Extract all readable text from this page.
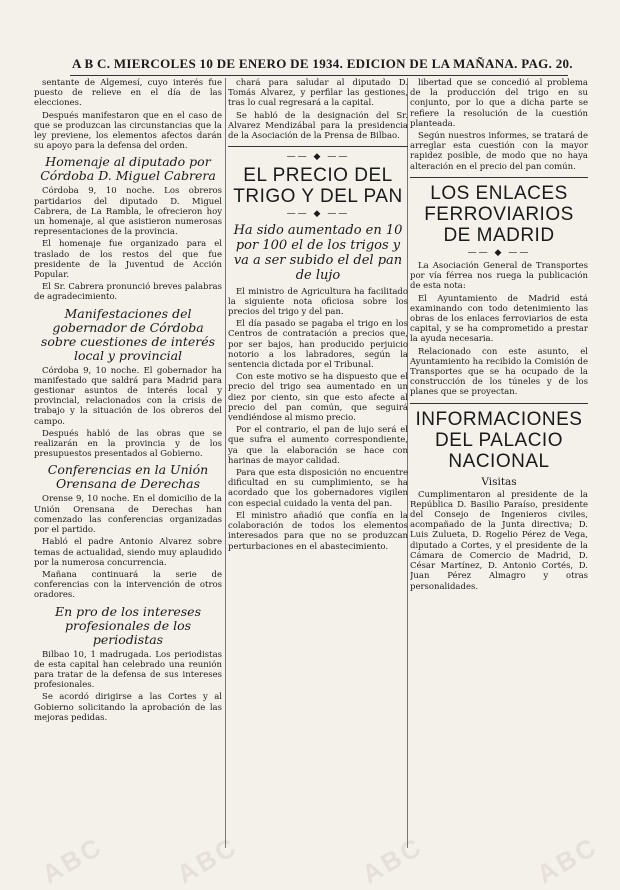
ABC ABC	ABC	ABC
A B C. MIERCOLES 10 DE ENERO DE 1934. EDICION DE LA MAÑANA. PAG. 20.

sentante de Algemesí, cuyo interés fue puesto de relieve en el día de las elecciones.

Después manifestaron que en el caso de que se produzcan las circunstancias que la ley previene, los elementos afectos darán su apoyo para la defensa del orden.

Homenaje al diputado por Córdoba D. Miguel Cabrera

Córdoba 9, 10 noche. Los obreros partidarios del diputado D. Miguel Cabrera, de La Rambla, le ofrecieron hoy un homenaje, al que asistieron numerosas representaciones de la provincia.

El homenaje fue organizado para el traslado de los restos del que fue presidente de la Juventud de Acción Popular.

El Sr. Cabrera pronunció breves palabras de agradecimiento.

Manifestaciones del gobernador de Córdoba sobre cuestiones de interés local y provincial

Córdoba 9, 10 noche. El gobernador ha manifestado que saldrá para Madrid para gestionar asuntos de interés local y provincial, relacionados con la crisis de trabajo y la situación de los obreros del campo.

Después habló de las obras que se realizarán en la provincia y de los presupuestos presentados al Gobierno.

Conferencias en la Unión Orensana de Derechas

Orense 9, 10 noche. En el domicilio de la Unión Orensana de Derechas han comenzado las conferencias organizadas por el partido.

Habló el padre Antonio Alvarez sobre temas de actualidad, siendo muy aplaudido por la numerosa concurrencia.

Mañana continuará la serie de conferencias con la intervención de otros oradores.

En pro de los intereses profesionales de los periodistas

Bilbao 10, 1 madrugada. Los periodistas de esta capital han celebrado una reunión para tratar de la defensa de sus intereses profesionales.

Se acordó dirigirse a las Cortes y al Gobierno solicitando la aprobación de las mejoras pedidas.

chará para saludar al diputado D. Tomás Alvarez, y perfilar las gestiones, tras lo cual regresará a la capital.

Se habló de la designación del Sr. Alvarez Mendizábal para la presidencia de la Asociación de la Prensa de Bilbao.

—— ◆ ——
EL PRECIO DEL TRIGO Y DEL PAN
—— ◆ ——
Ha sido aumentado en 10 por 100 el de los trigos y va a ser subido el del pan de lujo

El ministro de Agricultura ha facilitado la siguiente nota oficiosa sobre los precios del trigo y del pan.

El día pasado se pagaba el trigo en los Centros de contratación a precios que, por ser bajos, han producido perjuicio notorio a los labradores, según la sentencia dictada por el Tribunal.

Con este motivo se ha dispuesto que el precio del trigo sea aumentado en un diez por ciento, sin que esto afecte al precio del pan común, que seguirá vendiéndose al mismo precio.

Por el contrario, el pan de lujo será el que sufra el aumento correspondiente, ya que la elaboración se hace con harinas de mayor calidad.

Para que esta disposición no encuentre dificultad en su cumplimiento, se ha acordado que los gobernadores vigilen con especial cuidado la venta del pan.

El ministro añadió que confía en la colaboración de todos los elementos interesados para que no se produzcan perturbaciones en el abastecimiento.

libertad que se concedió al problema de la producción del trigo en su conjunto, por lo que a dicha parte se refiere la resolución de la cuestión planteada.

Según nuestros informes, se tratará de arreglar esta cuestión con la mayor rapidez posible, de modo que no haya alteración en el precio del pan común.

LOS ENLACES FERROVIARIOS DE MADRID
—— ◆ ——

La Asociación General de Transportes por vía férrea nos ruega la publicación de esta nota:

El Ayuntamiento de Madrid está examinando con todo detenimiento las obras de los enlaces ferroviarios de esta capital, y se ha comprometido a prestar la ayuda necesaria.

Relacionado con este asunto, el Ayuntamiento ha recibido la Comisión de Transportes que se ha ocupado de la construcción de los túneles y de los planes que se proyectan.

INFORMACIONES DEL PALACIO NACIONAL
Visitas

Cumplimentaron al presidente de la República D. Basilio Paraíso, presidente del Consejo de Ingenieros civiles, acompañado de la Junta directiva; D. Luis Zulueta, D. Rogelio Pérez de Vega, diputado a Cortes, y el presidente de la Cámara de Comercio de Madrid, D. César Martínez, D. Antonio Cortés, D. Juan Pérez Almagro y otras personalidades.
